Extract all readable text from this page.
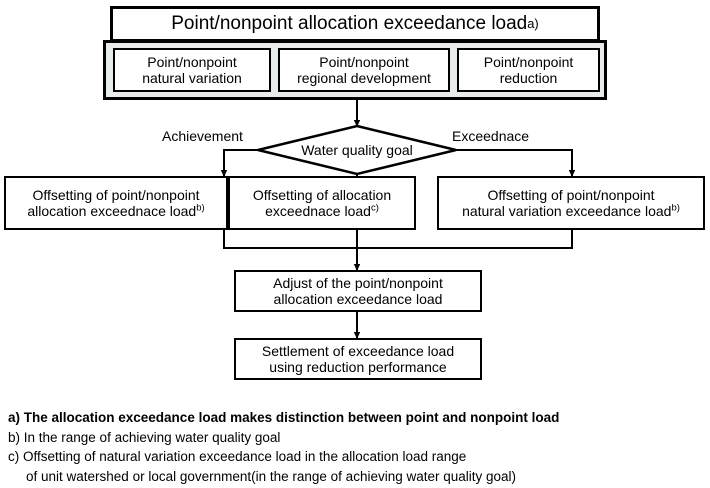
Point/nonpoint allocation exceedance load a)
Point/nonpoint
natural variation
Point/nonpoint
regional development
Point/nonpoint
reduction
Water quality goal
Achievement	Exceednace
Offsetting of point/nonpoint
allocation exceednace load$^{b)}$
Offsetting of allocation
exceednace load$^{c)}$
Offsetting of point/nonpoint
natural variation exceedance load$^{b)}$
Adjust of the point/nonpoint
allocation exceedance load
Settlement of exceedance load
using reduction performance
a) The allocation exceedance load makes distinction between point and nonpoint load
b) In the range of achieving water quality goal
c) Offsetting of natural variation exceedance load in the allocation load range
of unit watershed or local government(in the range of achieving water quality goal)
